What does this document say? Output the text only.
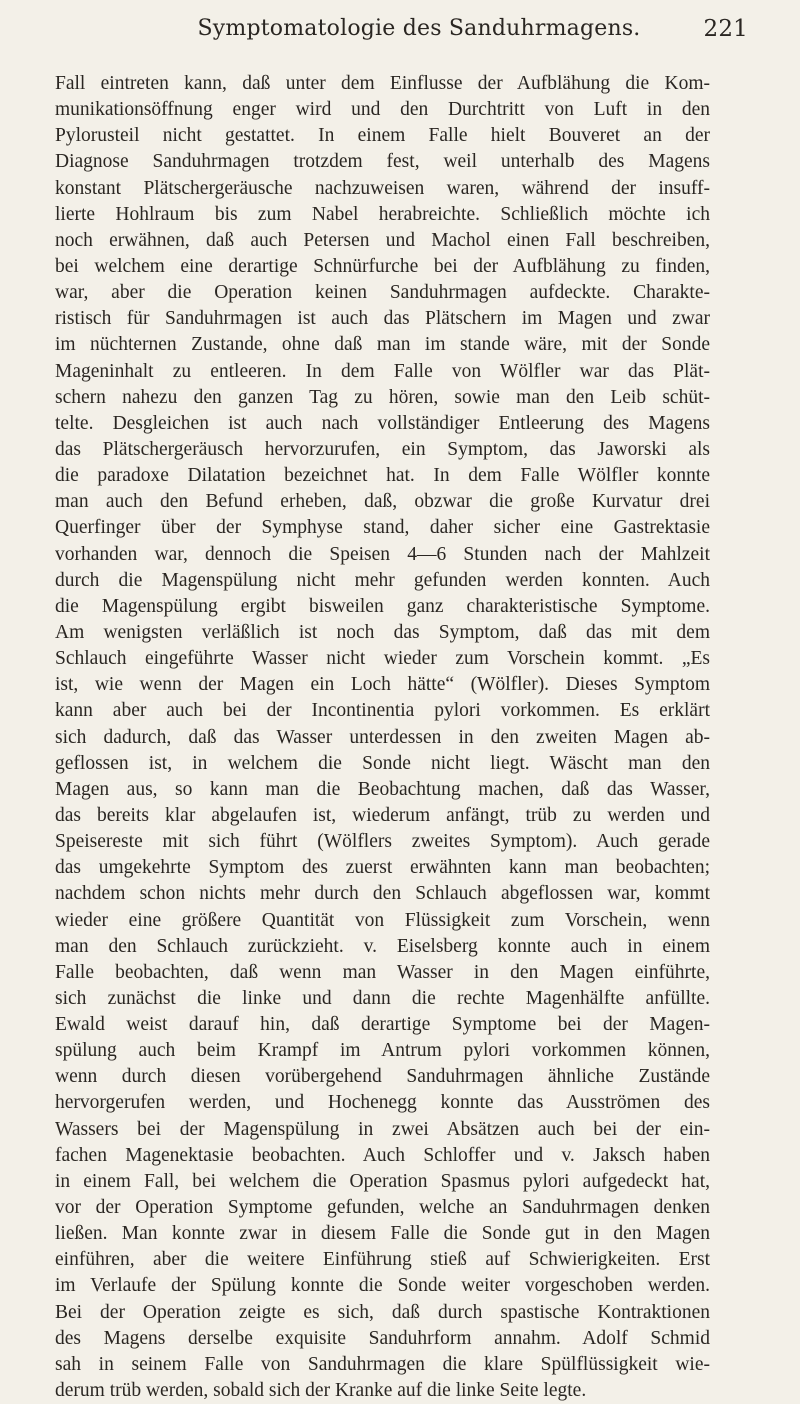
Symptomatologie des Sanduhrmagens.	221
Fall eintreten kann, daß unter dem Einflusse der Aufblähung die Kom-
munikationsöffnung enger wird und den Durchtritt von Luft in den
Pylorusteil nicht gestattet. In einem Falle hielt Bouveret an der
Diagnose Sanduhrmagen trotzdem fest, weil unterhalb des Magens
konstant Plätschergeräusche nachzuweisen waren, während der insuff-
lierte Hohlraum bis zum Nabel herabreichte. Schließlich möchte ich
noch erwähnen, daß auch Petersen und Machol einen Fall beschreiben,
bei welchem eine derartige Schnürfurche bei der Aufblähung zu finden,
war, aber die Operation keinen Sanduhrmagen aufdeckte. Charakte-
ristisch für Sanduhrmagen ist auch das Plätschern im Magen und zwar
im nüchternen Zustande, ohne daß man im stande wäre, mit der Sonde
Mageninhalt zu entleeren. In dem Falle von Wölfler war das Plät-
schern nahezu den ganzen Tag zu hören, sowie man den Leib schüt-
telte. Desgleichen ist auch nach vollständiger Entleerung des Magens
das Plätschergeräusch hervorzurufen, ein Symptom, das Jaworski als
die paradoxe Dilatation bezeichnet hat. In dem Falle Wölfler konnte
man auch den Befund erheben, daß, obzwar die große Kurvatur drei
Querfinger über der Symphyse stand, daher sicher eine Gastrektasie
vorhanden war, dennoch die Speisen 4—6 Stunden nach der Mahlzeit
durch die Magenspülung nicht mehr gefunden werden konnten. Auch
die Magenspülung ergibt bisweilen ganz charakteristische Symptome.
Am wenigsten verläßlich ist noch das Symptom, daß das mit dem
Schlauch eingeführte Wasser nicht wieder zum Vorschein kommt. „Es
ist, wie wenn der Magen ein Loch hätte“ (Wölfler). Dieses Symptom
kann aber auch bei der Incontinentia pylori vorkommen. Es erklärt
sich dadurch, daß das Wasser unterdessen in den zweiten Magen ab-
geflossen ist, in welchem die Sonde nicht liegt. Wäscht man den
Magen aus, so kann man die Beobachtung machen, daß das Wasser,
das bereits klar abgelaufen ist, wiederum anfängt, trüb zu werden und
Speisereste mit sich führt (Wölflers zweites Symptom). Auch gerade
das umgekehrte Symptom des zuerst erwähnten kann man beobachten;
nachdem schon nichts mehr durch den Schlauch abgeflossen war, kommt
wieder eine größere Quantität von Flüssigkeit zum Vorschein, wenn
man den Schlauch zurückzieht. v. Eiselsberg konnte auch in einem
Falle beobachten, daß wenn man Wasser in den Magen einführte,
sich zunächst die linke und dann die rechte Magenhälfte anfüllte.
Ewald weist darauf hin, daß derartige Symptome bei der Magen-
spülung auch beim Krampf im Antrum pylori vorkommen können,
wenn durch diesen vorübergehend Sanduhrmagen ähnliche Zustände
hervorgerufen werden, und Hochenegg konnte das Ausströmen des
Wassers bei der Magenspülung in zwei Absätzen auch bei der ein-
fachen Magenektasie beobachten. Auch Schloffer und v. Jaksch haben
in einem Fall, bei welchem die Operation Spasmus pylori aufgedeckt hat,
vor der Operation Symptome gefunden, welche an Sanduhrmagen denken
ließen. Man konnte zwar in diesem Falle die Sonde gut in den Magen
einführen, aber die weitere Einführung stieß auf Schwierigkeiten. Erst
im Verlaufe der Spülung konnte die Sonde weiter vorgeschoben werden.
Bei der Operation zeigte es sich, daß durch spastische Kontraktionen
des Magens derselbe exquisite Sanduhrform annahm. Adolf Schmid
sah in seinem Falle von Sanduhrmagen die klare Spülflüssigkeit wie-
derum trüb werden, sobald sich der Kranke auf die linke Seite legte.
